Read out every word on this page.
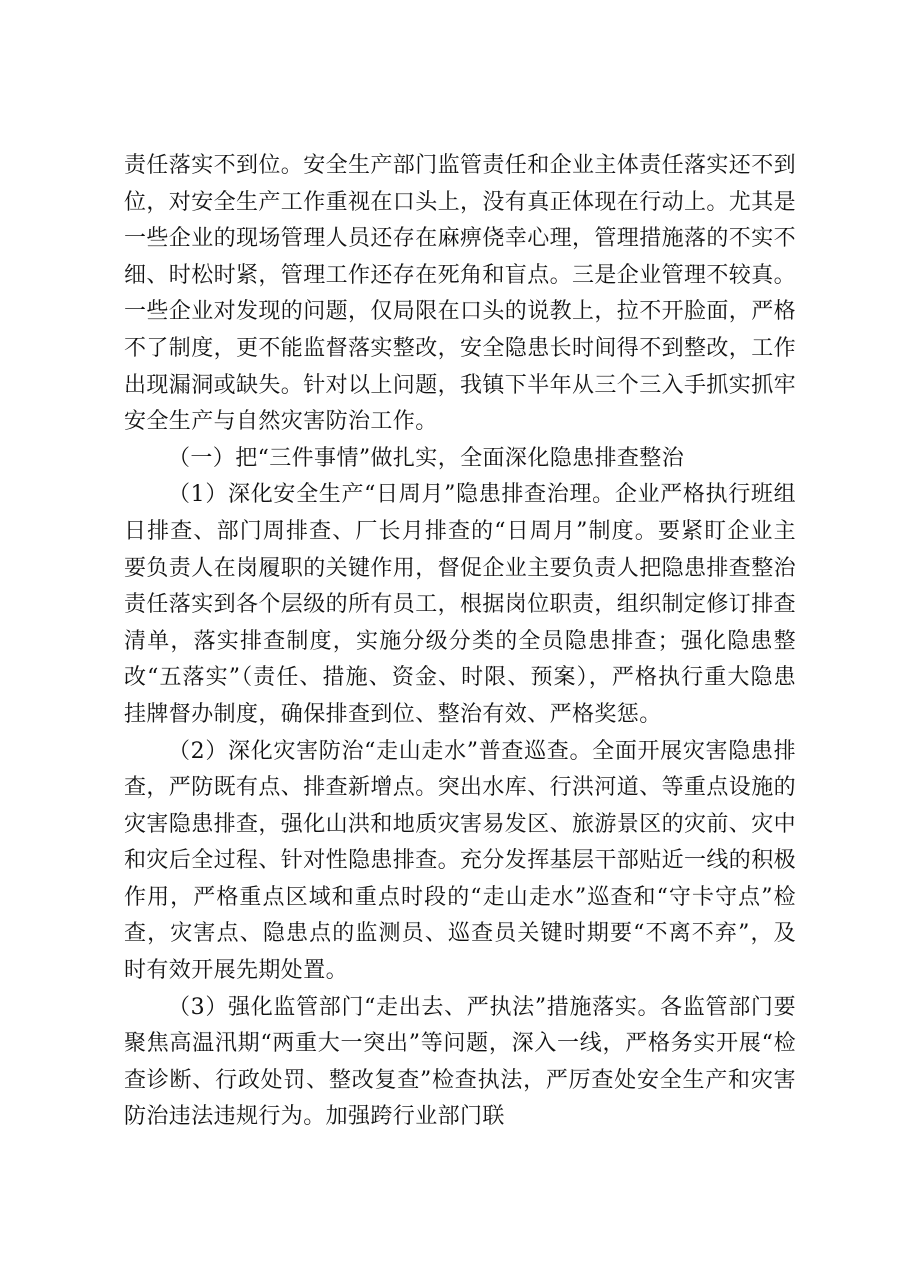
责任落实不到位。安全生产部门监管责任和企业主体责任落实还不到位，对安全生产工作重视在口头上，没有真正体现在行动上。尤其是一些企业的现场管理人员还存在麻痹侥幸心理，管理措施落的不实不细、时松时紧，管理工作还存在死角和盲点。三是企业管理不较真。一些企业对发现的问题，仅局限在口头的说教上，拉不开脸面，严格不了制度，更不能监督落实整改，安全隐患长时间得不到整改，工作出现漏洞或缺失。针对以上问题，我镇下半年从三个三入手抓实抓牢安全生产与自然灾害防治工作。

（一）把“三件事情”做扎实，全面深化隐患排查整治

（1）深化安全生产“日周月”隐患排查治理。企业严格执行班组日排查、部门周排查、厂长月排查的“日周月”制度。要紧盯企业主要负责人在岗履职的关键作用，督促企业主要负责人把隐患排查整治责任落实到各个层级的所有员工，根据岗位职责，组织制定修订排查清单，落实排查制度，实施分级分类的全员隐患排查；强化隐患整改“五落实”（责任、措施、资金、时限、预案），严格执行重大隐患挂牌督办制度，确保排查到位、整治有效、严格奖惩。

（2）深化灾害防治“走山走水”普查巡查。全面开展灾害隐患排查，严防既有点、排查新增点。突出水库、行洪河道、等重点设施的灾害隐患排查，强化山洪和地质灾害易发区、旅游景区的灾前、灾中和灾后全过程、针对性隐患排查。充分发挥基层干部贴近一线的积极作用，严格重点区域和重点时段的“走山走水”巡查和“守卡守点”检查，灾害点、隐患点的监测员、巡查员关键时期要“不离不弃”，及时有效开展先期处置。

（3）强化监管部门“走出去、严执法”措施落实。各监管部门要聚焦高温汛期“两重大一突出”等问题，深入一线，严格务实开展“检查诊断、行政处罚、整改复查”检查执法，严厉查处安全生产和灾害防治违法违规行为。加强跨行业部门联
